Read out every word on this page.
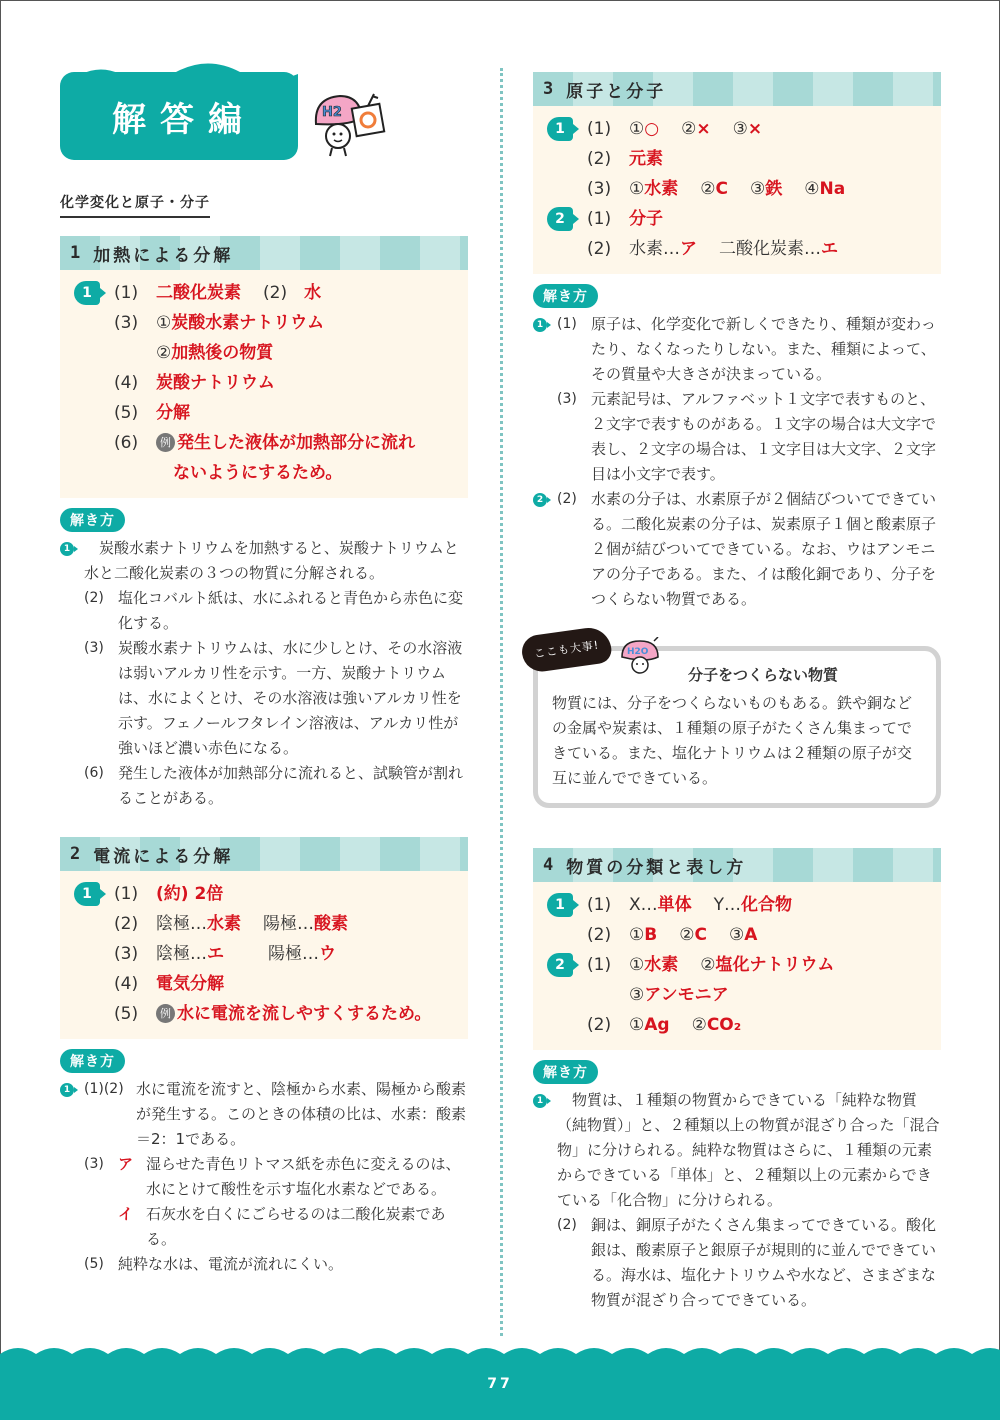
解答編	H2
化学変化と原子・分子
1 加熱による分解
1	(1)	二酸化炭素 (2)　水
(3)	①炭酸水素ナトリウム
②加熱後の物質
(4)	炭酸ナトリウム
(5)	分解
(6)	例 発生した液体が加熱部分に流れ
　ないようにするため。
解き方
1 　炭酸水素ナトリウムを加熱すると、炭酸ナトリウムと水と二酸化炭素の３つの物質に分解される。
(2) 塩化コバルト紙は、水にふれると青色から赤色に変化する。
(3) 炭酸水素ナトリウムは、水に少しとけ、その水溶液は弱いアルカリ性を示す。一方、炭酸ナトリウムは、水によくとけ、その水溶液は強いアルカリ性を示す。フェノールフタレイン溶液は、アルカリ性が強いほど濃い赤色になる。
(6) 発生した液体が加熱部分に流れると、試験管が割れることがある。
2 電流による分解
1	(1)	(約) 2倍
(2)	陰極…水素 陽極…酸素
(3)	陰極…エ	陽極…ウ
(4)	電気分解
(5)	例 水に電流を流しやすくするため。
解き方
1 (1)(2) 水に電流を流すと、陰極から水素、陽極から酸素が発生する。このときの体積の比は、水素：酸素＝2：1である。
(3) ア 湿らせた青色リトマス紙を赤色に変えるのは、水にとけて酸性を示す塩化水素などである。
イ 石灰水を白くにごらせるのは二酸化炭素である。
(5) 純粋な水は、電流が流れにくい。
3 原子と分子
1	(1)	①○ ②× ③×
(2)	元素
(3)	①水素 ②C ③鉄 ④Na
2	(1)	分子
(2)	水素…ア 二酸化炭素…エ
解き方
1 (1) 原子は、化学変化で新しくできたり、種類が変わったり、なくなったりしない。また、種類によって、その質量や大きさが決まっている。
(3) 元素記号は、アルファベット１文字で表すものと、２文字で表すものがある。１文字の場合は大文字で表し、２文字の場合は、１文字目は大文字、２文字目は小文字で表す。
2 (2) 水素の分子は、水素原子が２個結びついてできている。二酸化炭素の分子は、炭素原子１個と酸素原子２個が結びついてできている。なお、ウはアンモニアの分子である。また、イは酸化銅であり、分子をつくらない物質である。
ここも大事!	H2O
分子をつくらない物質
物質には、分子をつくらないものもある。鉄や銅などの金属や炭素は、１種類の原子がたくさん集まってできている。また、塩化ナトリウムは２種類の原子が交互に並んでできている。
4 物質の分類と表し方
1	(1)	X…単体 Y…化合物
(2)	①B ②C ③A
2	(1)	①水素 ②塩化ナトリウム
③アンモニア
(2)	①Ag ②CO₂
解き方
1 　物質は、１種類の物質からできている「純粋な物質（純物質）」と、２種類以上の物質が混ざり合った「混合物」に分けられる。純粋な物質はさらに、１種類の元素からできている「単体」と、２種類以上の元素からできている「化合物」に分けられる。
(2) 銅は、銅原子がたくさん集まってできている。酸化銀は、酸素原子と銀原子が規則的に並んでできている。海水は、塩化ナトリウムや水など、さまざまな物質が混ざり合ってできている。
77
